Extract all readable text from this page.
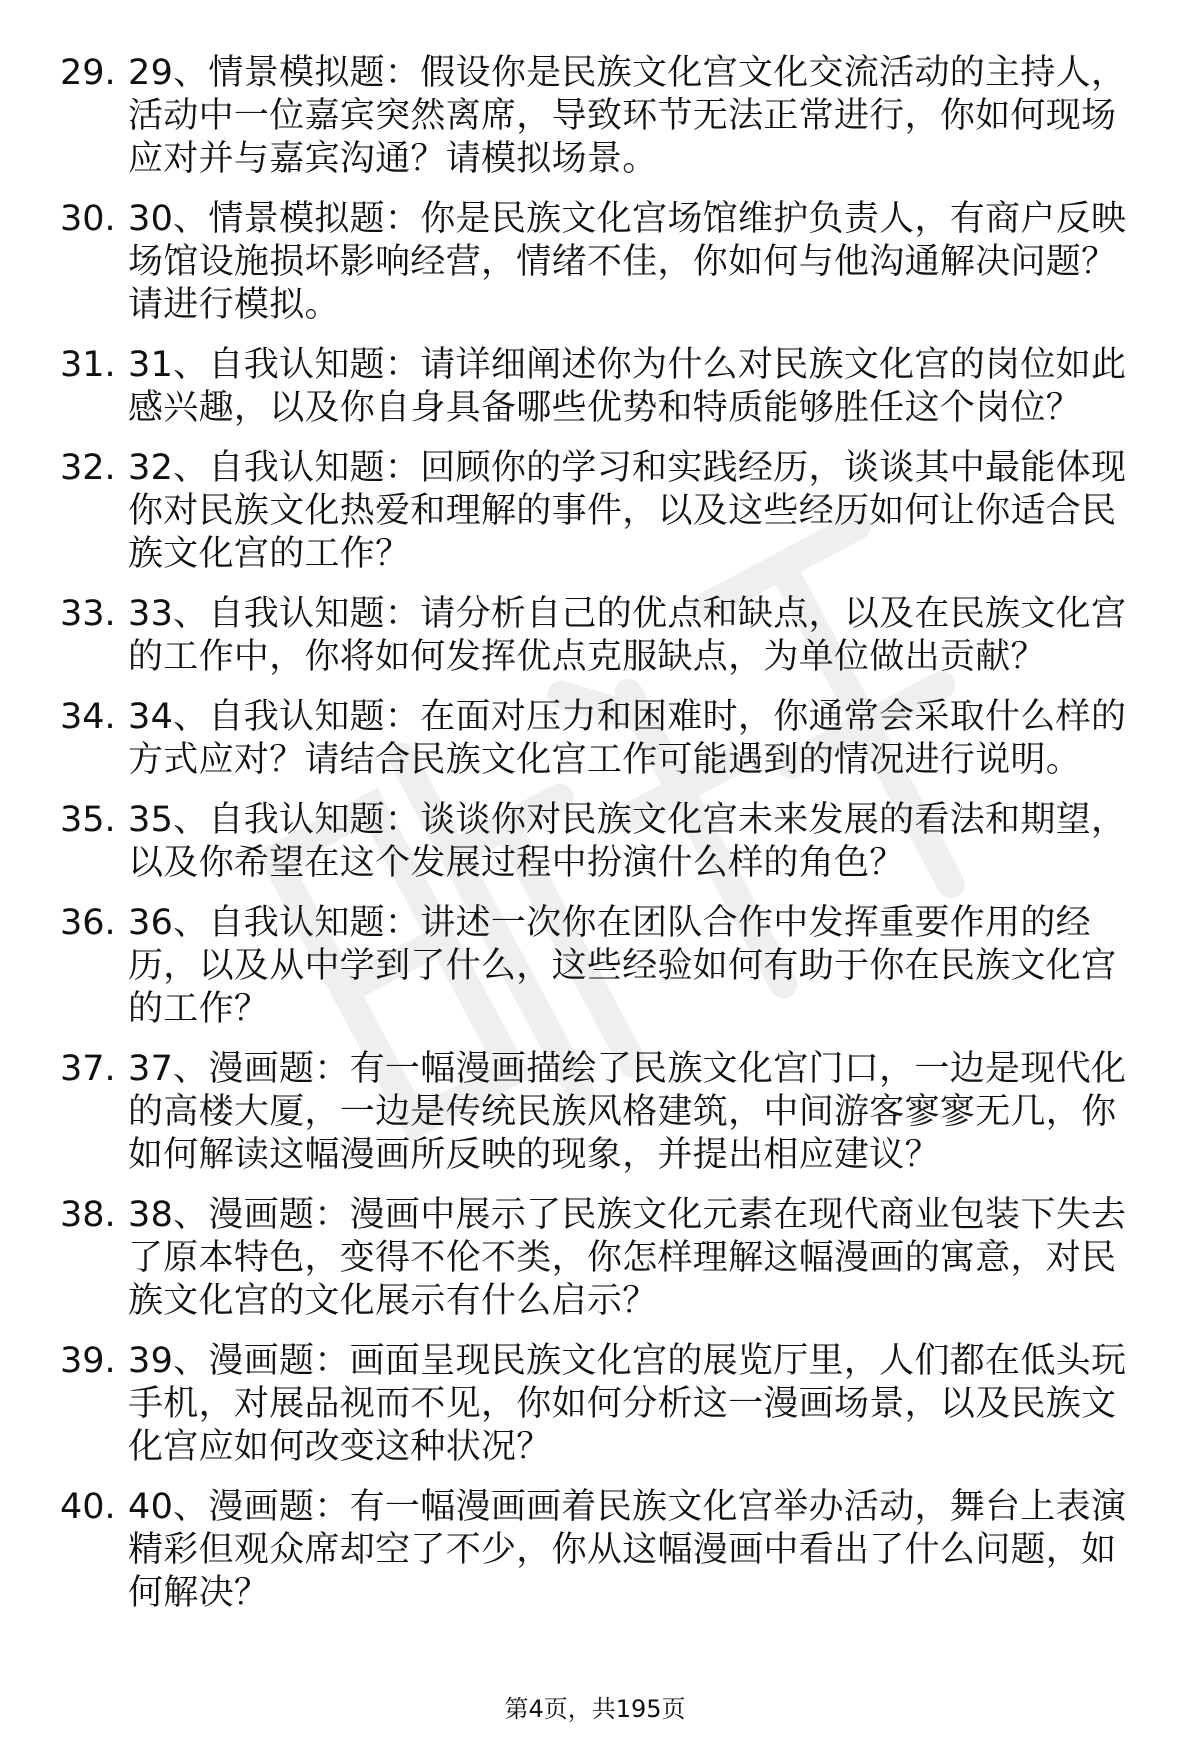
29. 29、情景模拟题：假设你是民族文化宫文化交流活动的主持人，活动中一位嘉宾突然离席，导致环节无法正常进行，你如何现场应对并与嘉宾沟通？请模拟场景。
30. 30、情景模拟题：你是民族文化宫场馆维护负责人，有商户反映场馆设施损坏影响经营，情绪不佳，你如何与他沟通解决问题？请进行模拟。
31. 31、自我认知题：请详细阐述你为什么对民族文化宫的岗位如此感兴趣，以及你自身具备哪些优势和特质能够胜任这个岗位？
32. 32、自我认知题：回顾你的学习和实践经历，谈谈其中最能体现你对民族文化热爱和理解的事件，以及这些经历如何让你适合民族文化宫的工作？
33. 33、自我认知题：请分析自己的优点和缺点，以及在民族文化宫的工作中，你将如何发挥优点克服缺点，为单位做出贡献？
34. 34、自我认知题：在面对压力和困难时，你通常会采取什么样的方式应对？请结合民族文化宫工作可能遇到的情况进行说明。
35. 35、自我认知题：谈谈你对民族文化宫未来发展的看法和期望，以及你希望在这个发展过程中扮演什么样的角色？
36. 36、自我认知题：讲述一次你在团队合作中发挥重要作用的经历，以及从中学到了什么，这些经验如何有助于你在民族文化宫的工作？
37. 37、漫画题：有一幅漫画描绘了民族文化宫门口，一边是现代化的高楼大厦，一边是传统民族风格建筑，中间游客寥寥无几，你如何解读这幅漫画所反映的现象，并提出相应建议？
38. 38、漫画题：漫画中展示了民族文化元素在现代商业包装下失去了原本特色，变得不伦不类，你怎样理解这幅漫画的寓意，对民族文化宫的文化展示有什么启示？
39. 39、漫画题：画面呈现民族文化宫的展览厅里，人们都在低头玩手机，对展品视而不见，你如何分析这一漫画场景，以及民族文化宫应如何改变这种状况？
40. 40、漫画题：有一幅漫画画着民族文化宫举办活动，舞台上表演精彩但观众席却空了不少，你从这幅漫画中看出了什么问题，如何解决？
第4页，共195页
